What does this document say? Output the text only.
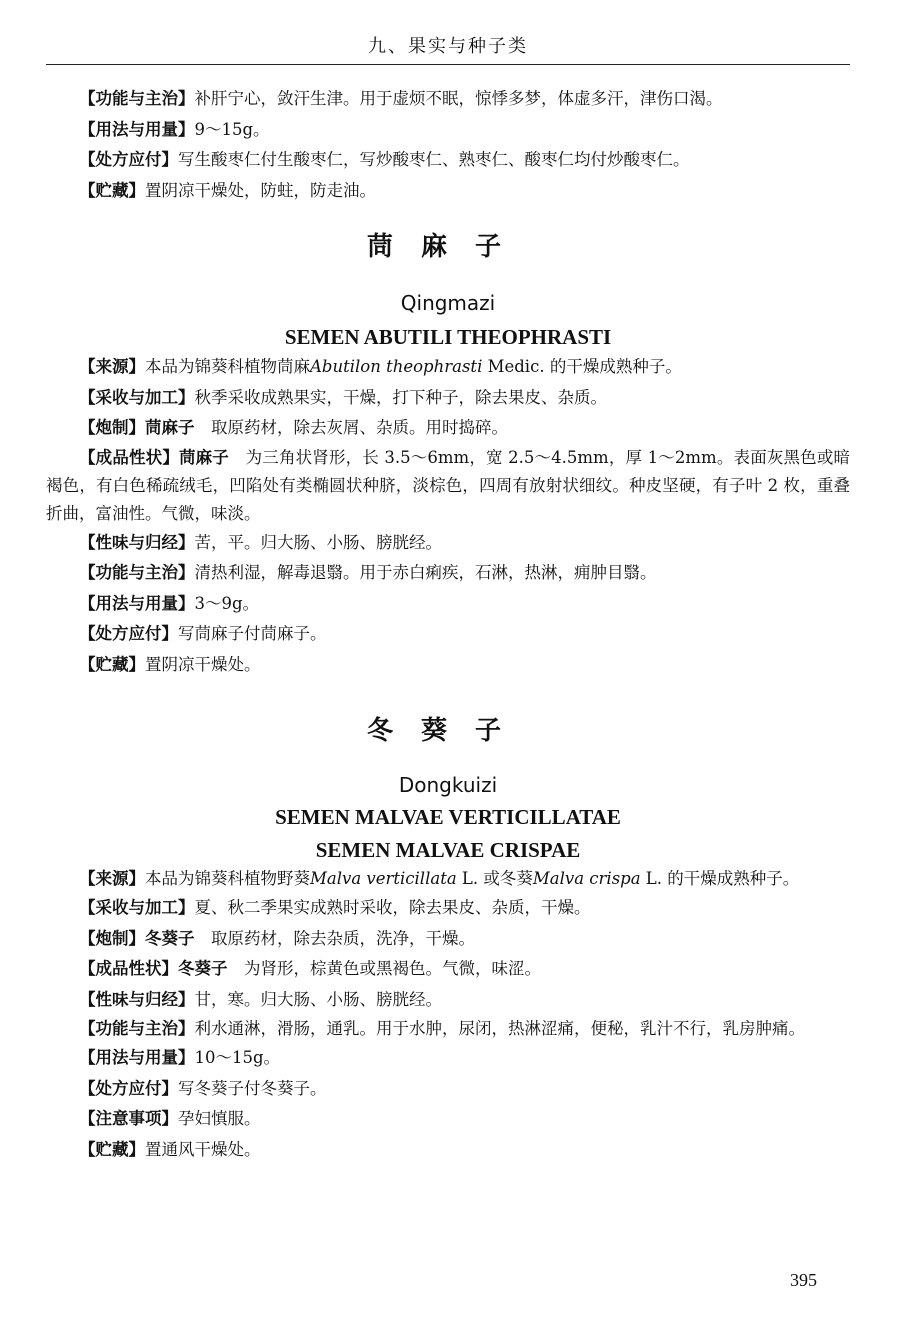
九、果实与种子类

【功能与主治】补肝宁心，敛汗生津。用于虚烦不眠，惊悸多梦，体虚多汗，津伤口渴。

【用法与用量】9～15g。

【处方应付】写生酸枣仁付生酸枣仁，写炒酸枣仁、熟枣仁、酸枣仁均付炒酸枣仁。

【贮藏】置阴凉干燥处，防蛀，防走油。

茼麻子

Qingmazi

SEMEN ABUTILI THEOPHRASTI

【来源】本品为锦葵科植物茼麻Abutilon theophrasti Medic. 的干燥成熟种子。

【采收与加工】秋季采收成熟果实，干燥，打下种子，除去果皮、杂质。

【炮制】茼麻子　取原药材，除去灰屑、杂质。用时捣碎。

【成品性状】茼麻子　为三角状肾形，长 3.5～6mm，宽 2.5～4.5mm，厚 1～2mm。表面灰黑色或暗褐色，有白色稀疏绒毛，凹陷处有类椭圆状种脐，淡棕色，四周有放射状细纹。种皮坚硬，有子叶 2 枚，重叠折曲，富油性。气微，味淡。

【性味与归经】苦，平。归大肠、小肠、膀胱经。

【功能与主治】清热利湿，解毒退翳。用于赤白痢疾，石淋，热淋，痈肿目翳。

【用法与用量】3～9g。

【处方应付】写茼麻子付茼麻子。

【贮藏】置阴凉干燥处。

冬葵子

Dongkuizi

SEMEN MALVAE VERTICILLATAE

SEMEN MALVAE CRISPAE

【来源】本品为锦葵科植物野葵Malva verticillata L. 或冬葵Malva crispa L. 的干燥成熟种子。

【采收与加工】夏、秋二季果实成熟时采收，除去果皮、杂质，干燥。

【炮制】冬葵子　取原药材，除去杂质，洗净，干燥。

【成品性状】冬葵子　为肾形，棕黄色或黑褐色。气微，味涩。

【性味与归经】甘，寒。归大肠、小肠、膀胱经。

【功能与主治】利水通淋，滑肠，通乳。用于水肿，尿闭，热淋涩痛，便秘，乳汁不行，乳房肿痛。

【用法与用量】10～15g。

【处方应付】写冬葵子付冬葵子。

【注意事项】孕妇慎服。

【贮藏】置通风干燥处。

395
